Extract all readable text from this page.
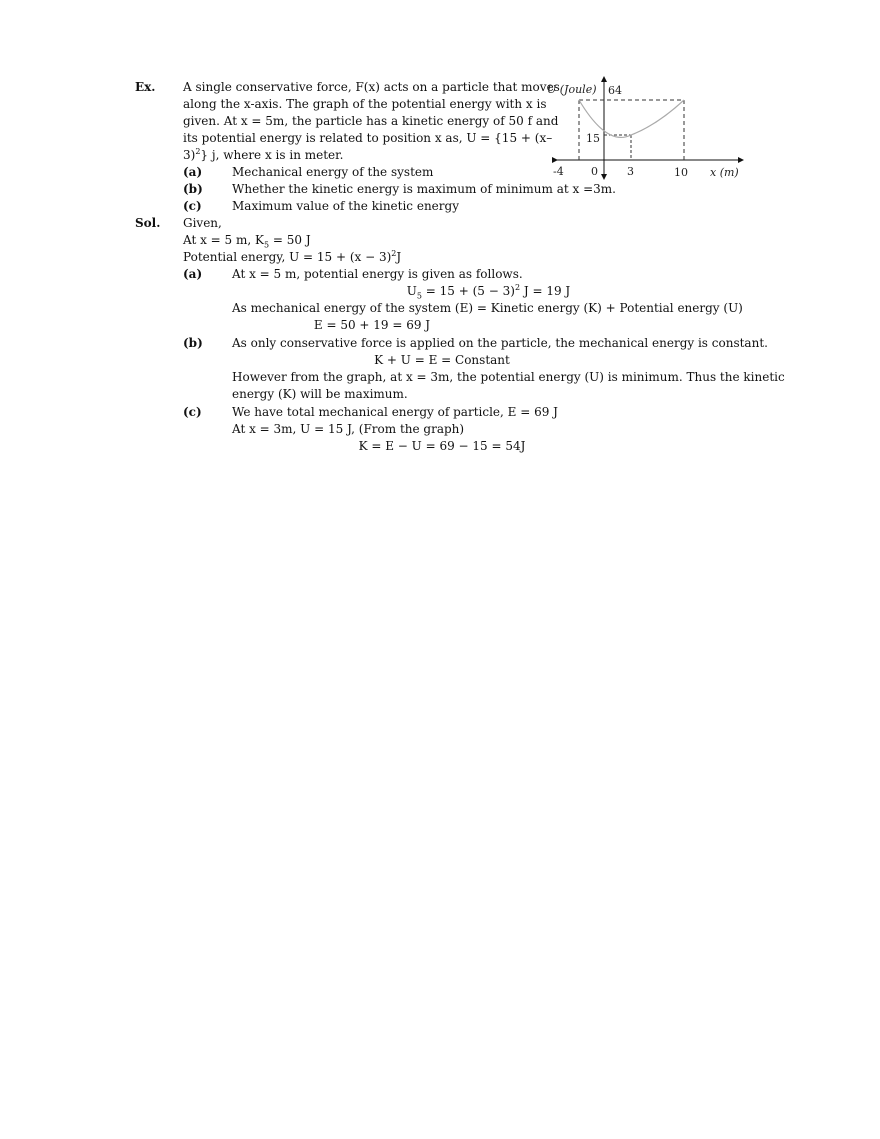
Ex. A single conservative force, F(x) acts on a particle that moves
along the x-axis. The graph of the potential energy with x is
given. At x = 5m, the particle has a kinetic energy of 50 f and
its potential energy is related to position x as, U = {15 + (x–
3)$^2$} j, where x is in meter.
(a) Mechanical energy of the system
(b) Whether the kinetic energy is maximum of minimum at x =3m.
(c)	Maximum value of the kinetic energy
U (Joule) 64
15
-4 0	3	10 x (m)
Sol. Given,
At x = 5 m, $K_5 = 50$ J
Potential energy, $U = 15 + (x - 3)^2J$
(a) At x = 5 m, potential energy is given as follows.
$U_5 = 15 + (5 - 3)^2$ J = 19 J
As mechanical energy of the system (E) = Kinetic energy (K) + Potential energy (U)
E = 50 + 19 = 69 J
(b) As only conservative force is applied on the particle, the mechanical energy is constant.
K + U = E = Constant
However from the graph, at x = 3m, the potential energy (U) is minimum. Thus the kinetic
energy (K) will be maximum.
(c)	We have total mechanical energy of particle, E = 69 J
At x = 3m, U = 15 J, (From the graph)
K = E − U = 69 − 15 = 54J
